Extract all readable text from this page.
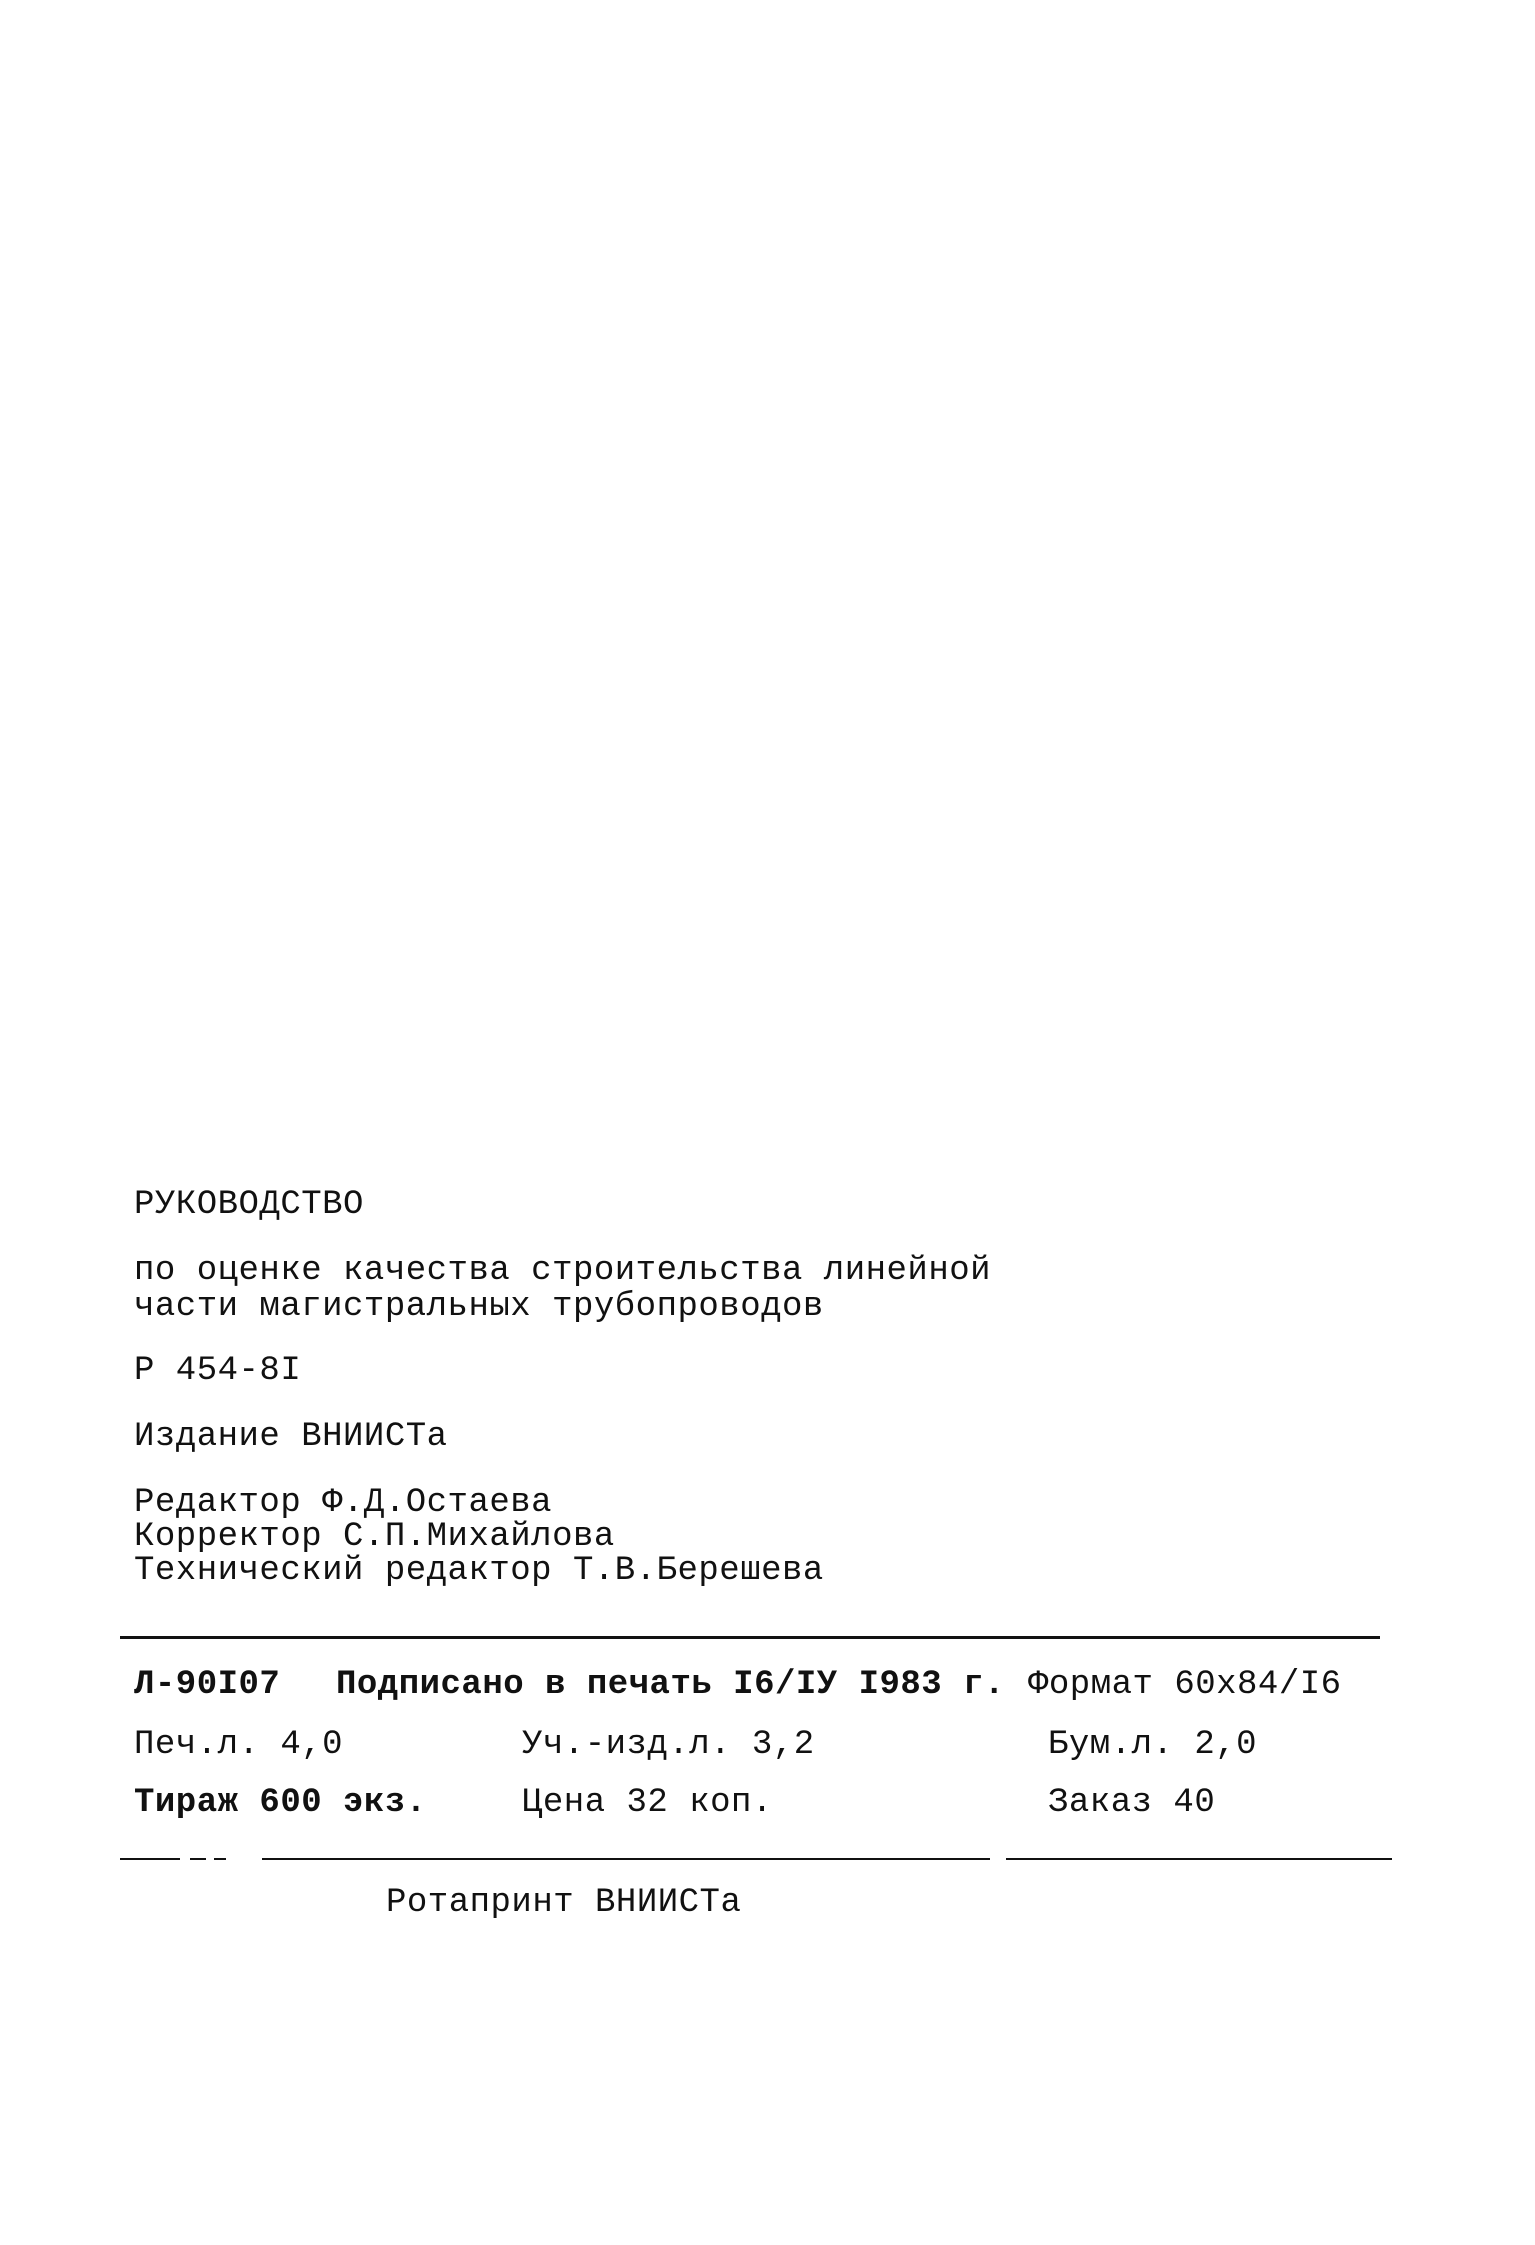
РУКОВОДСТВО
по оценке качества строительства линейной
части магистральных трубопроводов
Р 454-8I
Издание ВНИИСТа
Редактор Ф.Д.Остаева
Корректор С.П.Михайлова
Технический редактор Т.В.Берешева
Л-90I07 Подписано в печать I6/IУ I983 г. Формат 60х84/I6
Печ.л. 4,0	Уч.-изд.л. 3,2	Бум.л. 2,0
Тираж 600 экз.	Цена 32 коп.	Заказ 40
Ротапринт ВНИИСТа
